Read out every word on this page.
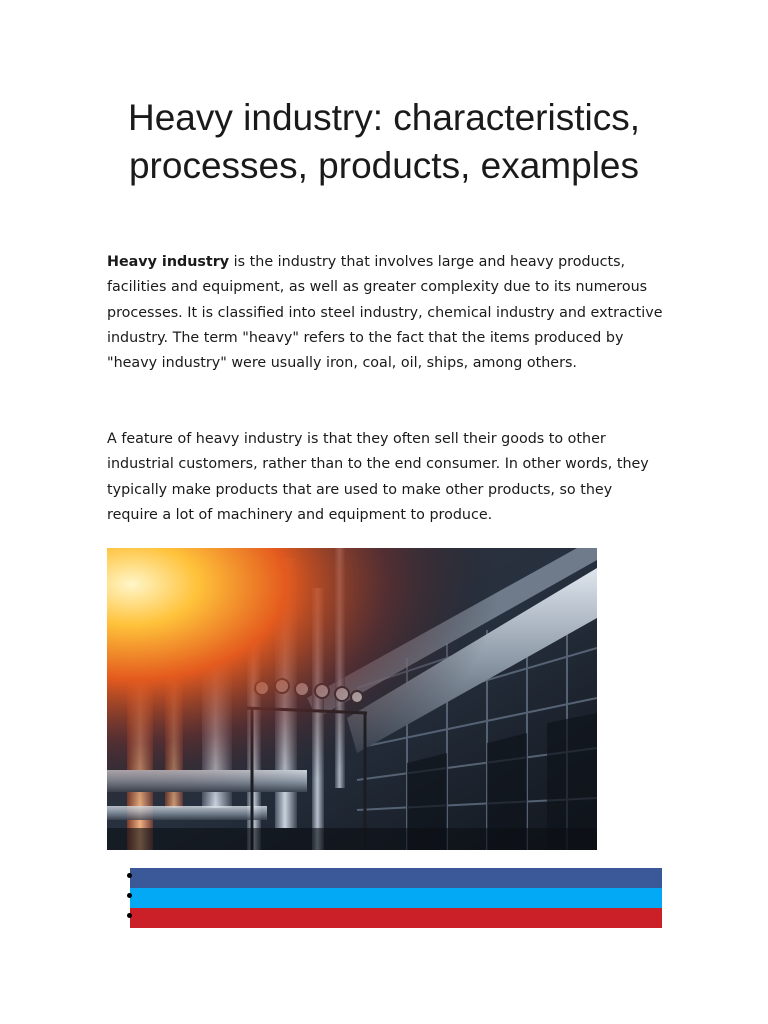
Heavy industry: characteristics, processes, products, examples

Heavy industry is the industry that involves large and heavy products, facilities and equipment, as well as greater complexity due to its numerous processes. It is classified into steel industry, chemical industry and extractive industry. The term "heavy" refers to the fact that the items produced by "heavy industry" were usually iron, coal, oil, ships, among others.

A feature of heavy industry is that they often sell their goods to other industrial customers, rather than to the end consumer. In other words, they typically make products that are used to make other products, so they require a lot of machinery and equipment to produce.
